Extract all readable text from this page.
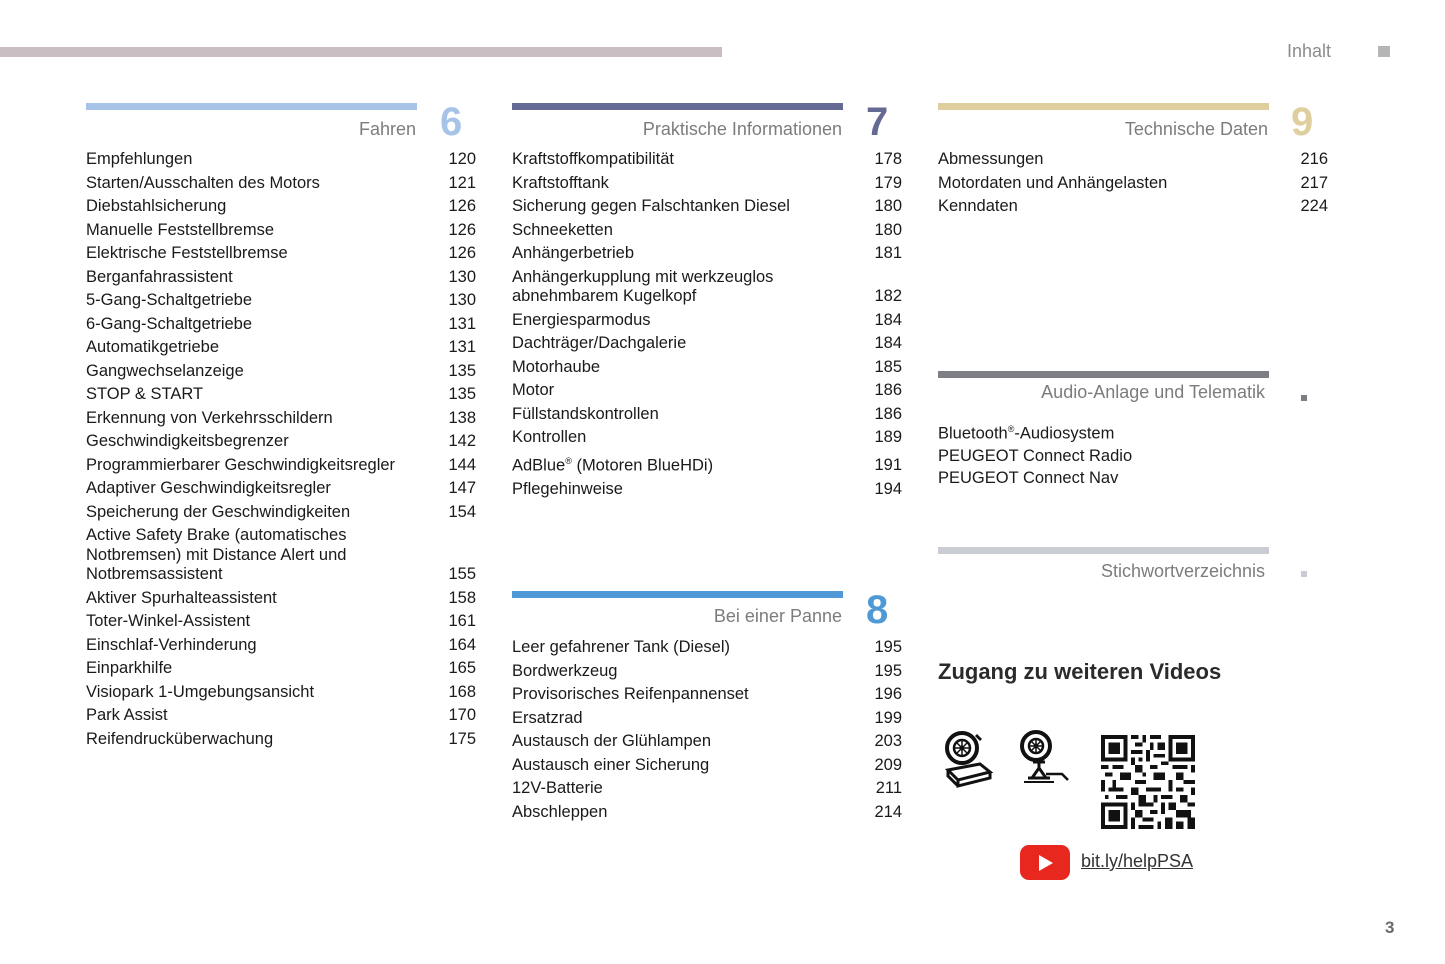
Inhalt
Fahren 6
Empfehlungen	120
Starten/Ausschalten des Motors	121
Diebstahlsicherung	126
Manuelle Feststellbremse	126
Elektrische Feststellbremse	126
Berganfahrassistent	130
5-Gang-Schaltgetriebe	130
6-Gang-Schaltgetriebe	131
Automatikgetriebe	131
Gangwechselanzeige	135
STOP & START	135
Erkennung von Verkehrsschildern	138
Geschwindigkeitsbegrenzer	142
Programmierbarer Geschwindigkeitsregler	144
Adaptiver Geschwindigkeitsregler	147
Speicherung der Geschwindigkeiten	154
Active Safety Brake (automatisches
Notbremsen) mit Distance Alert und
Notbremsassistent	155
Aktiver Spurhalteassistent	158
Toter-Winkel-Assistent	161
Einschlaf-Verhinderung	164
Einparkhilfe	165
Visiopark 1-Umgebungsansicht	168
Park Assist	170
Reifendrucküberwachung	175
Praktische Informationen 7
Kraftstoffkompatibilität	178
Kraftstofftank	179
Sicherung gegen Falschtanken Diesel	180
Schneeketten	180
Anhängerbetrieb	181
Anhängerkupplung mit werkzeuglos
abnehmbarem Kugelkopf	182
Energiesparmodus	184
Dachträger/Dachgalerie	184
Motorhaube	185
Motor	186
Füllstandskontrollen	186
Kontrollen	189
AdBlue® (Motoren BlueHDi)	191
Pflegehinweise	194
Bei einer Panne 8
Leer gefahrener Tank (Diesel)	195
Bordwerkzeug	195
Provisorisches Reifenpannenset	196
Ersatzrad	199
Austausch der Glühlampen	203
Austausch einer Sicherung	209
12V-Batterie	211
Abschleppen	214
Technische Daten 9
Abmessungen	216
Motordaten und Anhängelasten	217
Kenndaten	224
Audio-Anlage und Telematik
Bluetooth®-Audiosystem
PEUGEOT Connect Radio
PEUGEOT Connect Nav
Stichwortverzeichnis
Zugang zu weiteren Videos
bit.ly/helpPSA
3
